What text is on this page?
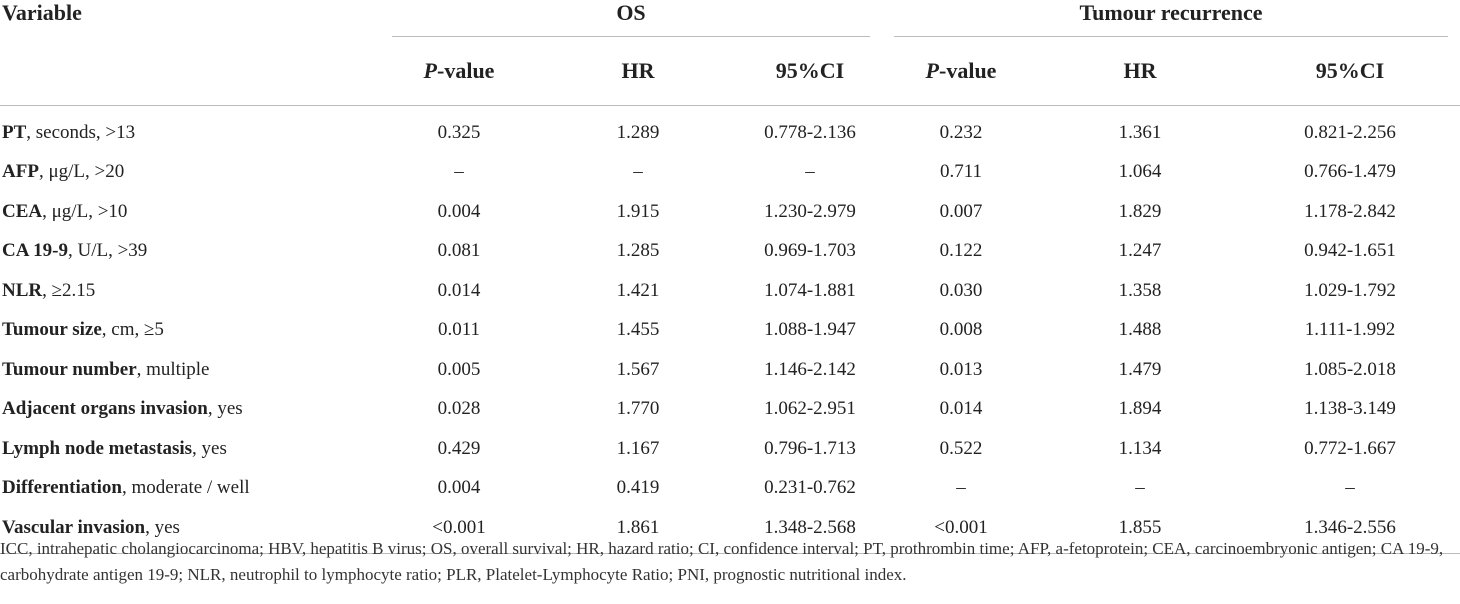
Variable	OS			Tumour recurrence		

	P-value	HR	95%CI	P-value	HR	95%CI
PT, seconds, >13	0.325	1.289	0.778-2.136	0.232	1.361	0.821-2.256
AFP, μg/L, >20	–	–	–	0.711	1.064	0.766-1.479
CEA, μg/L, >10	0.004	1.915	1.230-2.979	0.007	1.829	1.178-2.842
CA 19-9, U/L, >39	0.081	1.285	0.969-1.703	0.122	1.247	0.942-1.651
NLR, ≥2.15	0.014	1.421	1.074-1.881	0.030	1.358	1.029-1.792
Tumour size, cm, ≥5	0.011	1.455	1.088-1.947	0.008	1.488	1.111-1.992
Tumour number, multiple	0.005	1.567	1.146-2.142	0.013	1.479	1.085-2.018
Adjacent organs invasion, yes	0.028	1.770	1.062-2.951	0.014	1.894	1.138-3.149
Lymph node metastasis, yes	0.429	1.167	0.796-1.713	0.522	1.134	0.772-1.667
Differentiation, moderate / well	0.004	0.419	0.231-0.762	–	–	–
Vascular invasion, yes	<0.001	1.861	1.348-2.568	<0.001	1.855	1.346-2.556
ICC, intrahepatic cholangiocarcinoma; HBV, hepatitis B virus; OS, overall survival; HR, hazard ratio; CI, confidence interval; PT, prothrombin time; AFP, a-fetoprotein; CEA, carcinoembryonic antigen; CA 19-9, carbohydrate antigen 19-9; NLR, neutrophil to lymphocyte ratio; PLR, Platelet-Lymphocyte Ratio; PNI, prognostic nutritional index.
